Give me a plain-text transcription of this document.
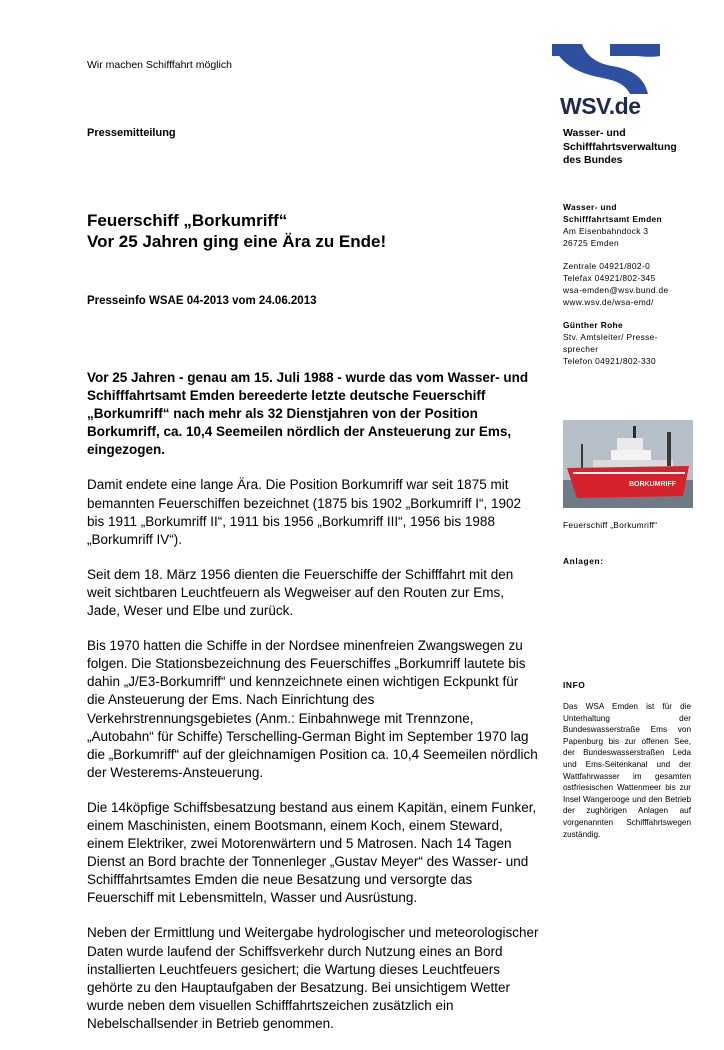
Wir machen Schifffahrt möglich
WSV.de
Wasser- und
Schifffahrtsverwaltung
des Bundes
Pressemitteilung
Feuerschiff „Borkumriff“
Vor 25 Jahren ging eine Ära zu Ende!
Presseinfo WSAE 04-2013 vom 24.06.2013

Vor 25 Jahren - genau am 15. Juli 1988 - wurde das vom Wasser- und Schifffahrtsamt Emden bereederte letzte deutsche Feuerschiff „Borkumriff“ nach mehr als 32 Dienstjahren von der Position Borkumriff, ca. 10,4 Seemeilen nördlich der Ansteuerung zur Ems, eingezogen.

Damit endete eine lange Ära. Die Position Borkumriff war seit 1875 mit bemannten Feuerschiffen bezeichnet (1875 bis 1902 „Borkumriff I“, 1902 bis 1911 „Borkumriff II“, 1911 bis 1956 „Borkumriff III“, 1956 bis 1988 „Borkumriff IV“).

Seit dem 18. März 1956 dienten die Feuerschiffe der Schifffahrt mit den weit sichtbaren Leuchtfeuern als Wegweiser auf den Routen zur Ems, Jade, Weser und Elbe und zurück.

Bis 1970 hatten die Schiffe in der Nordsee minenfreien Zwangswegen zu folgen. Die Stationsbezeichnung des Feuerschiffes „Borkumriff lautete bis dahin „J/E3-Borkumriff“ und kennzeichnete einen wichtigen Eckpunkt für die Ansteuerung der Ems. Nach Einrichtung des Verkehrstrennungsgebietes (Anm.: Einbahnwege mit Trennzone, „Autobahn“ für Schiffe) Terschelling-German Bight im September 1970 lag die „Borkumriff“ auf der gleichnamigen Position ca. 10,4 Seemeilen nördlich der Westerems-Ansteuerung.

Die 14köpfige Schiffsbesatzung bestand aus einem Kapitän, einem Funker, einem Maschinisten, einem Bootsmann, einem Koch, einem Steward, einem Elektriker, zwei Motorenwärtern und 5 Matrosen. Nach 14 Tagen Dienst an Bord brachte der Tonnenleger „Gustav Meyer“ des Wasser- und Schifffahrtsamtes Emden die neue Besatzung und versorgte das Feuerschiff mit Lebensmitteln, Wasser und Ausrüstung.

Neben der Ermittlung und Weitergabe hydrologischer und meteorologischer Daten wurde laufend der Schiffsverkehr durch Nutzung eines an Bord installierten Leuchtfeuers gesichert; die Wartung dieses Leuchtfeuers gehörte zu den Hauptaufgaben der Besatzung. Bei unsichtigem Wetter wurde neben dem visuellen Schifffahrtszeichen zusätzlich ein Nebelschallsender in Betrieb genommen.

Wasser- und
Schifffahrtsamt Emden
Am Eisenbahndock 3
26725 Emden
Zentrale 04921/802-0
Telefax 04921/802-345
wsa-emden@wsv.bund.de
www.wsv.de/wsa-emd/
Günther Rohe
Stv. Amtsleiter/ Presse-
sprecher
Telefon 04921/802-330
BORKUMRIFF
Feuerschiff „Borkumriff“
Anlagen:
INFO
Das WSA Emden ist für die Unterhaltung der Bundeswasserstraße Ems von Papenburg bis zur offenen See, der Bundeswasserstraßen Leda und Ems-Seitenkanal und der Wattfahrwasser im gesamten ostfriesischen Wattenmeer bis zur Insel Wangerooge und den Betrieb der zughörigen Anlagen auf vorgenannten Schifffahrtswegen zuständig.
